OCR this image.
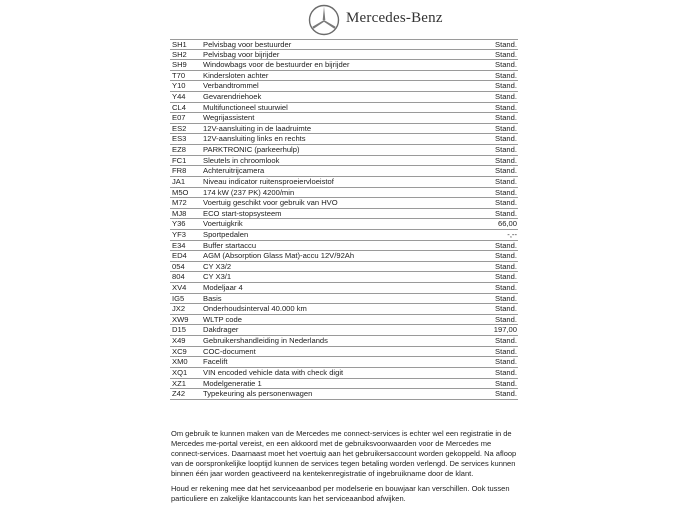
Mercedes-Benz
SH1 Pelvisbag voor bestuurder	Stand.
SH2 Pelvisbag voor bijrijder	Stand.
SH9 Windowbags voor de bestuurder en bijrijder	Stand.
T70 Kindersloten achter	Stand.
Y10 Verbandtrommel	Stand.
Y44 Gevarendriehoek	Stand.
CL4 Multifunctioneel stuurwiel	Stand.
E07 Wegrijassistent	Stand.
ES2 12V-aansluiting in de laadruimte	Stand.
ES3 12V-aansluiting links en rechts	Stand.
EZ8 PARKTRONIC (parkeerhulp)	Stand.
FC1 Sleutels in chroomlook	Stand.
FR8 Achteruitrijcamera	Stand.
JA1 Niveau indicator ruitensproeiervloeistof	Stand.
M5O 174 kW (237 PK) 4200/min	Stand.
M72 Voertuig geschikt voor gebruik van HVO	Stand.
MJ8 ECO start-stopsysteem	Stand.
Y36 Voertuigkrik	66,00
YF3 Sportpedalen	-,--
E34 Buffer startaccu	Stand.
ED4 AGM (Absorption Glass Mat)-accu 12V/92Ah	Stand.
054 CY X3/2	Stand.
804 CY X3/1	Stand.
XV4 Modeljaar 4	Stand.
IG5 Basis	Stand.
JX2 Onderhoudsinterval 40.000 km	Stand.
XW9 WLTP code	Stand.
D15 Dakdrager	197,00
X49 Gebruikershandleiding in Nederlands	Stand.
XC9 COC-document	Stand.
XM0 Facelift	Stand.
XQ1 VIN encoded vehicle data with check digit	Stand.
XZ1 Modelgeneratie 1	Stand.
Z42 Typekeuring als personenwagen	Stand.
Om gebruik te kunnen maken van de Mercedes me connect-services is echter wel een registratie in de Mercedes me-portal vereist, en een akkoord met de gebruiksvoorwaarden voor de Mercedes me connect-services. Daarnaast moet het voertuig aan het gebruikersaccount worden gekoppeld. Na afloop van de oorspronkelijke looptijd kunnen de services tegen betaling worden verlengd. De services kunnen binnen één jaar worden geactiveerd na kentekenregistratie of ingebruikname door de klant.
Houd er rekening mee dat het serviceaanbod per modelserie en bouwjaar kan verschillen. Ook tussen particuliere en zakelijke klantaccounts kan het serviceaanbod afwijken.
